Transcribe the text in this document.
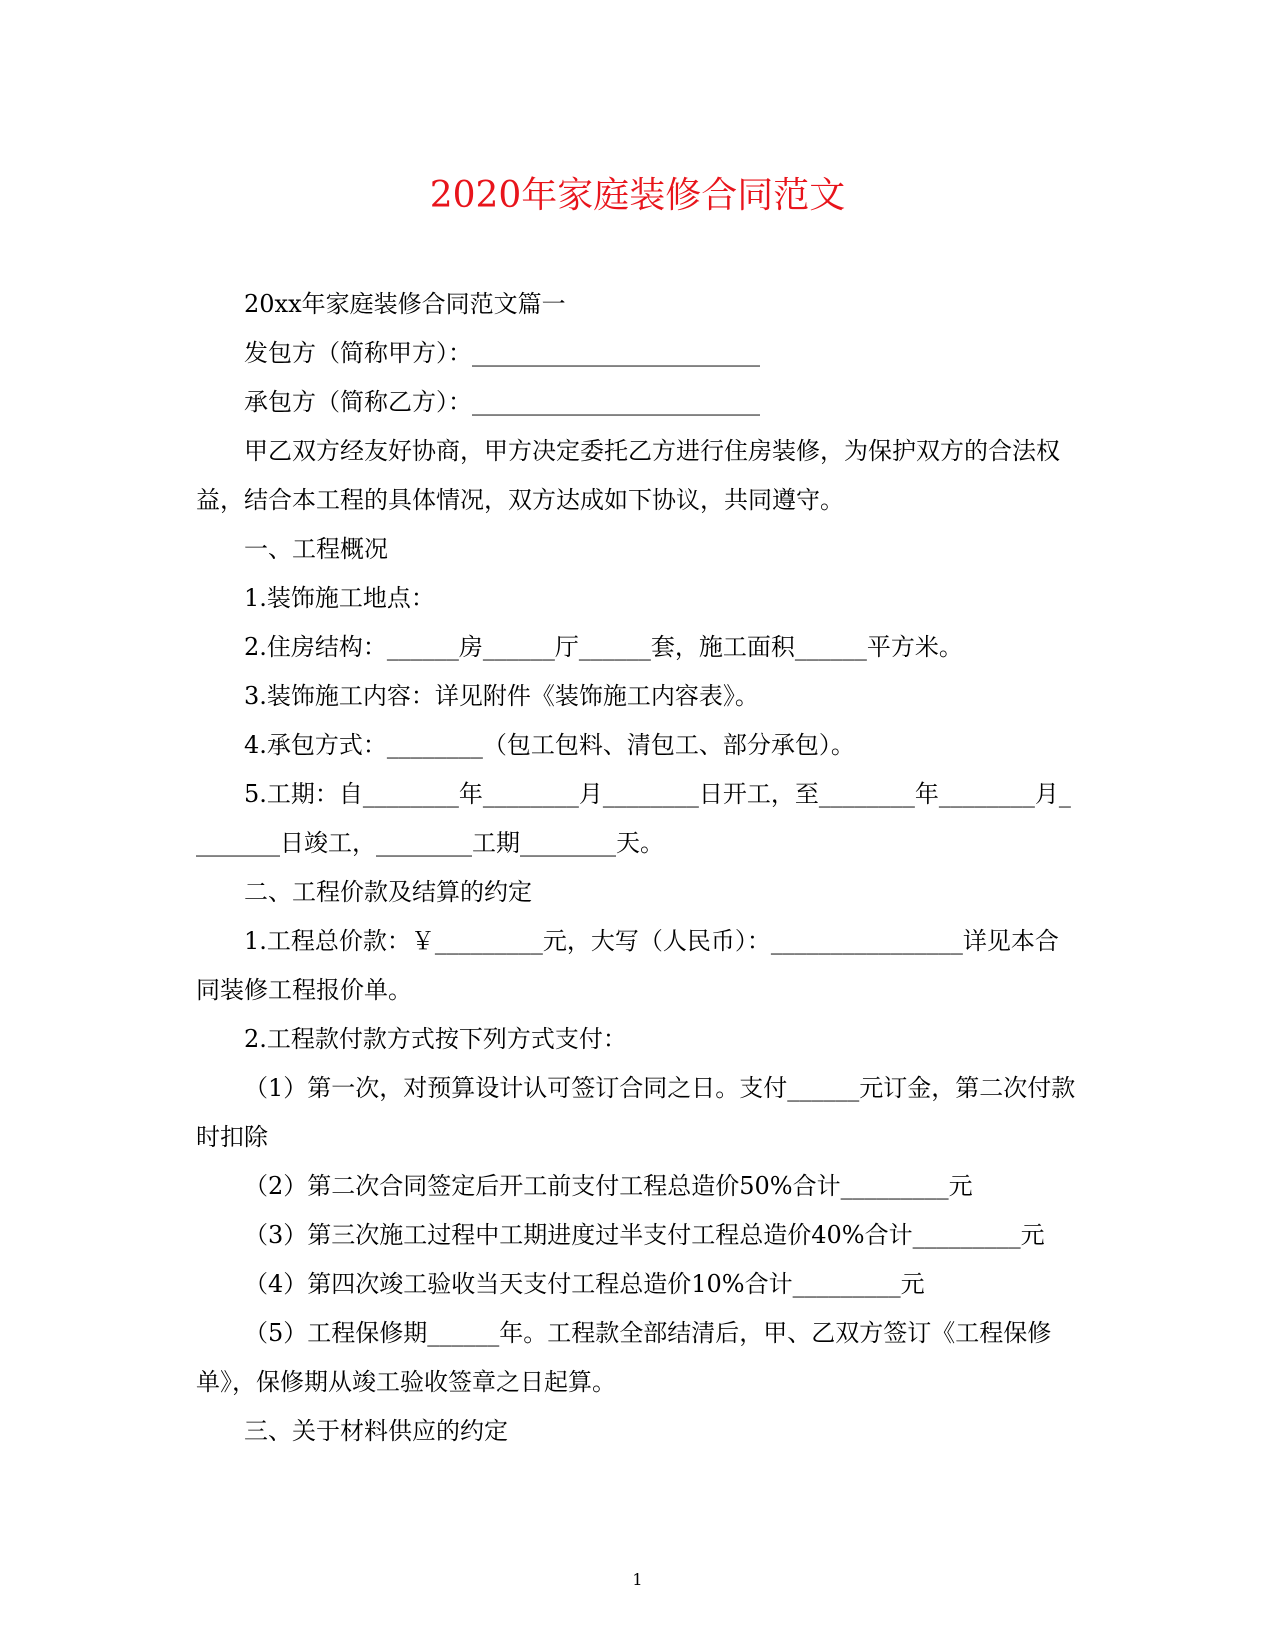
2020年家庭装修合同范文

20xx年家庭装修合同范文篇一

发包方（简称甲方）：________________________

承包方（简称乙方）：________________________

甲乙双方经友好协商，甲方决定委托乙方进行住房装修，为保护双方的合法权益，结合本工程的具体情况，双方达成如下协议，共同遵守。

一、工程概况

1.装饰施工地点：

2.住房结构：______房______厅______套，施工面积______平方米。

3.装饰施工内容：详见附件《装饰施工内容表》。

4.承包方式：________（包工包料、清包工、部分承包）。

5.工期：自________年________月________日开工，至________年________月________日竣工，________工期________天。

二、工程价款及结算的约定

1.工程总价款：￥_________元，大写（人民币）：________________详见本合同装修工程报价单。

2.工程款付款方式按下列方式支付：

（1）第一次，对预算设计认可签订合同之日。支付______元订金，第二次付款时扣除

（2）第二次合同签定后开工前支付工程总造价50%合计_________元

（3）第三次施工过程中工期进度过半支付工程总造价40%合计_________元

（4）第四次竣工验收当天支付工程总造价10%合计_________元

（5）工程保修期______年。工程款全部结清后，甲、乙双方签订《工程保修单》，保修期从竣工验收签章之日起算。

三、关于材料供应的约定

1
